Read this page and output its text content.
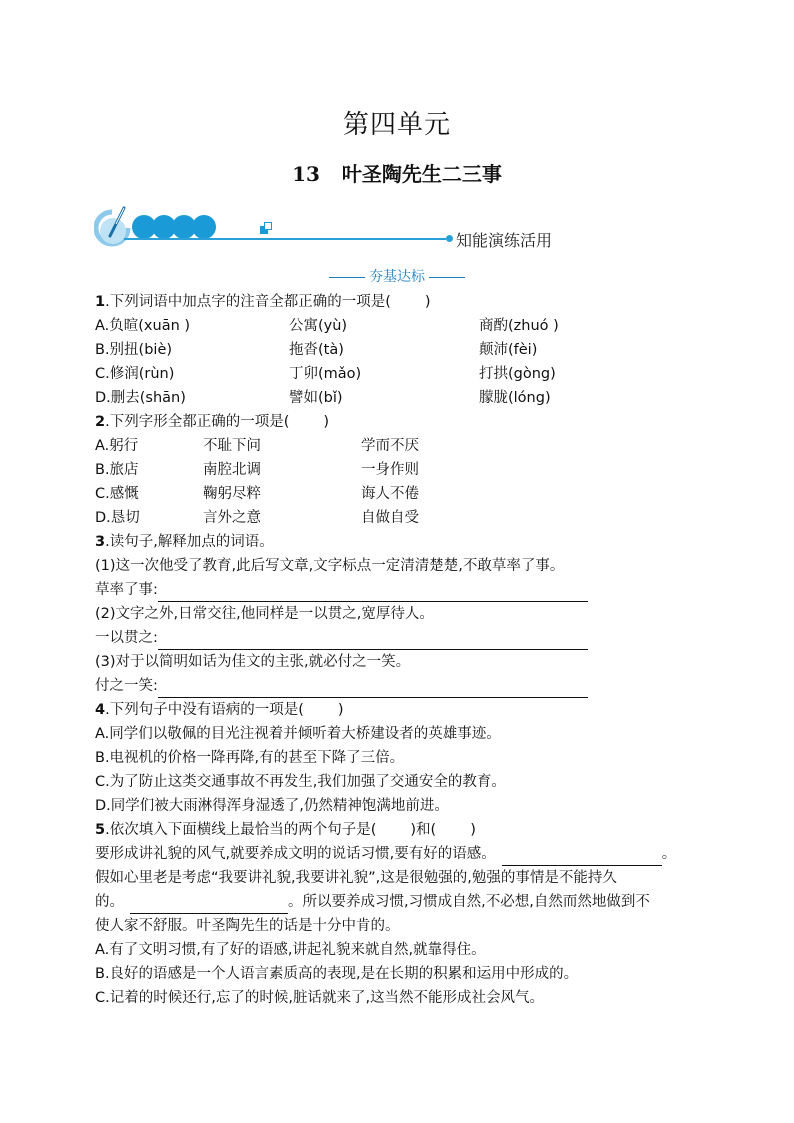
第四单元
13 叶圣陶先生二三事
知能演练活用
夯基达标
1.下列词语中加点字的注音全都正确的一项是( )
A.负暄(xuān )	公寓(yù)	商酌(zhuó )
B.别扭(biè)	拖沓(tà)	颠沛(fèi)
C.修润(rùn)	丁卯(mǎo)	打拱(gòng)
D.删去(shān)	譬如(bǐ)	朦胧(lóng)
2.下列字形全都正确的一项是( )
A.躬行	不耻下问	学而不厌
B.旅店	南腔北调	一身作则
C.感慨	鞠躬尽粹	诲人不倦
D.恳切	言外之意	自做自受
3.读句子,解释加点的词语。
(1)这一次他受了教育,此后写文章,文字标点一定清清楚楚,不敢草率了事。
草率了事:
(2)文字之外,日常交往,他同样是一以贯之,宽厚待人。
一以贯之:
(3)对于以简明如话为佳文的主张,就必付之一笑。
付之一笑:
4.下列句子中没有语病的一项是( )
A.同学们以敬佩的目光注视着并倾听着大桥建设者的英雄事迹。
B.电视机的价格一降再降,有的甚至下降了三倍。
C.为了防止这类交通事故不再发生,我们加强了交通安全的教育。
D.同学们被大雨淋得浑身湿透了,仍然精神饱满地前进。
5.依次填入下面横线上最恰当的两个句子是( )和( )
要形成讲礼貌的风气,就要养成文明的说话习惯,要有好的语感。	。
假如心里老是考虑“我要讲礼貌,我要讲礼貌”,这是很勉强的,勉强的事情是不能持久
的。	。所以要养成习惯,习惯成自然,不必想,自然而然地做到不
使人家不舒服。叶圣陶先生的话是十分中肯的。
A.有了文明习惯,有了好的语感,讲起礼貌来就自然,就靠得住。
B.良好的语感是一个人语言素质高的表现,是在长期的积累和运用中形成的。
C.记着的时候还行,忘了的时候,脏话就来了,这当然不能形成社会风气。
